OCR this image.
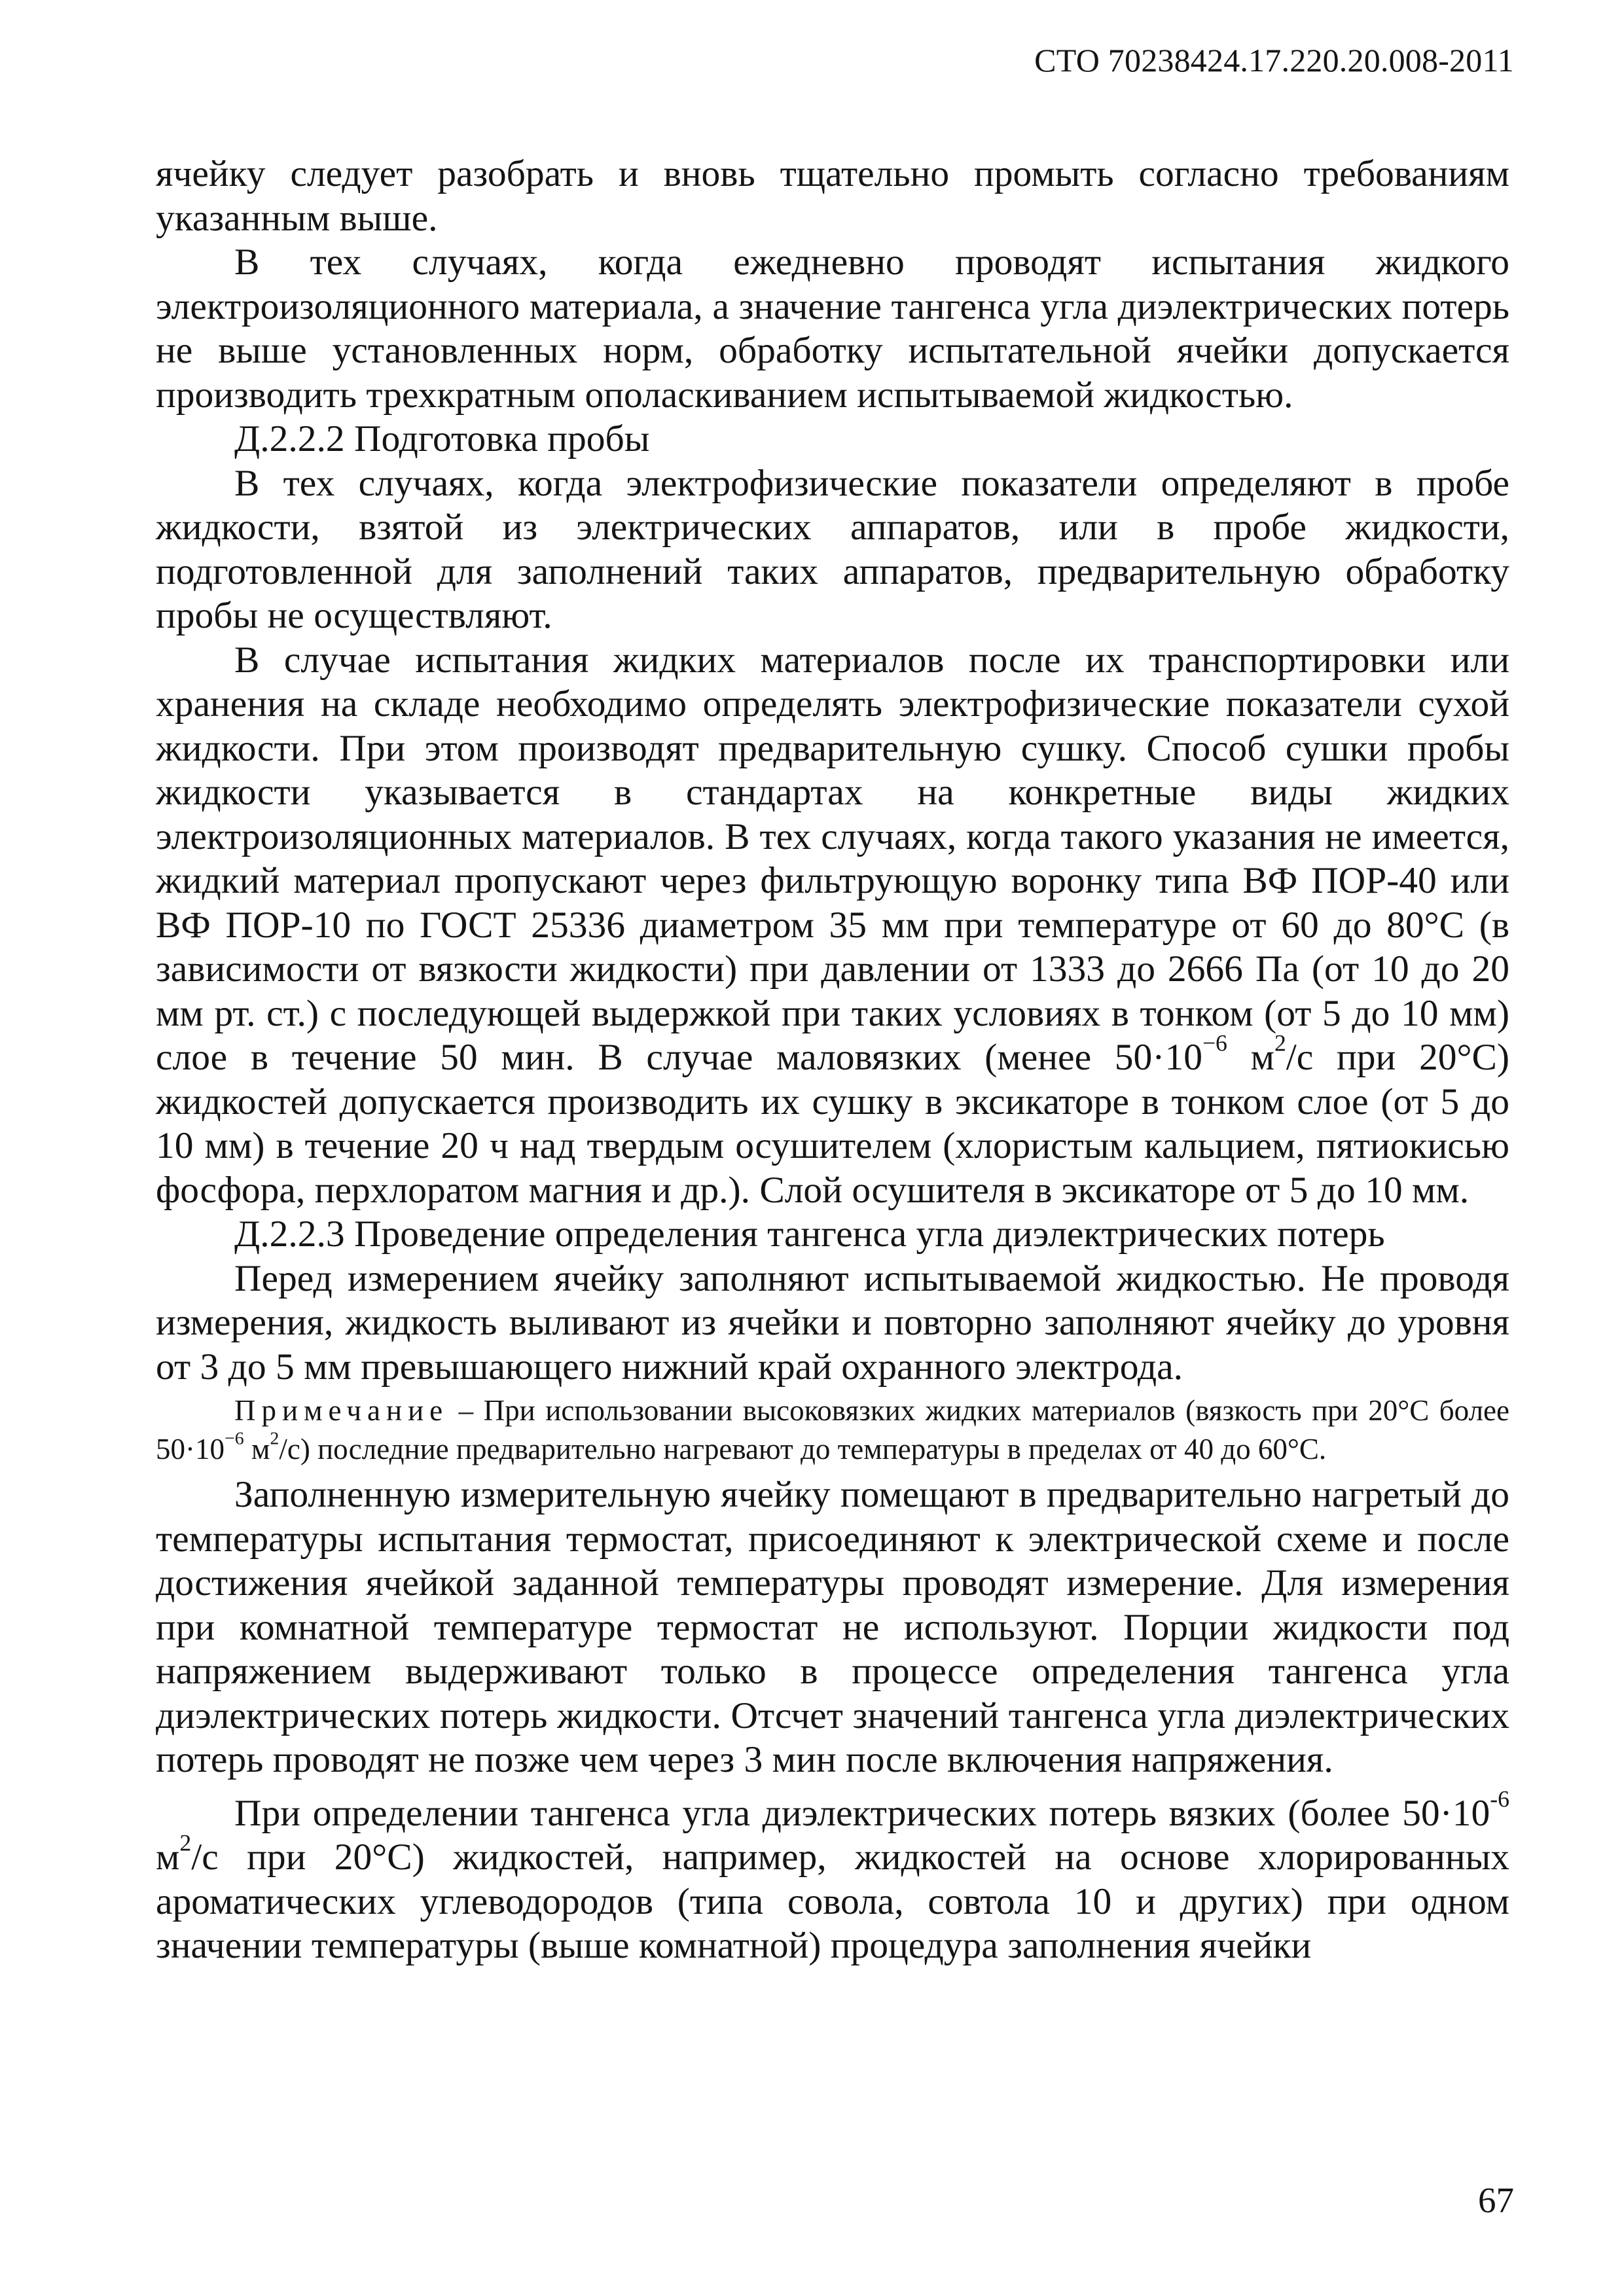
СТО 70238424.17.220.20.008-2011

ячейку следует разобрать и вновь тщательно промыть согласно требованиям указанным выше.

В тех случаях, когда ежедневно проводят испытания жидкого электроизоляционного материала, а значение тангенса угла диэлектрических потерь не выше установленных норм, обработку испытательной ячейки допускается производить трехкратным ополаскиванием испытываемой жидкостью.

Д.2.2.2 Подготовка пробы

В тех случаях, когда электрофизические показатели определяют в пробе жидкости, взятой из электрических аппаратов, или в пробе жидкости, подготовленной для заполнений таких аппаратов, предварительную обработку пробы не осуществляют.

В случае испытания жидких материалов после их транспортировки или хранения на складе необходимо определять электрофизические показатели сухой жидкости. При этом производят предварительную сушку. Способ сушки пробы жидкости указывается в стандартах на конкретные виды жидких электроизоляционных материалов. В тех случаях, когда такого указания не имеется, жидкий материал пропускают через фильтрующую воронку типа ВФ ПОР-40 или ВФ ПОР-10 по ГОСТ 25336 диаметром 35 мм при температуре от 60 до 80°С (в зависимости от вязкости жидкости) при давлении от 1333 до 2666 Па (от 10 до 20 мм рт. ст.) с последующей выдержкой при таких условиях в тонком (от 5 до 10 мм) слое в течение 50 мин. В случае маловязких (менее $50\cdot 10^{-6}$ $м^2/с$ при 20°С) жидкостей допускается производить их сушку в эксикаторе в тонком слое (от 5 до 10 мм) в течение 20 ч над твердым осушителем (хлористым кальцием, пятиокисью фосфора, перхлоратом магния и др.). Слой осушителя в эксикаторе от 5 до 10 мм.

Д.2.2.3 Проведение определения тангенса угла диэлектрических потерь

Перед измерением ячейку заполняют испытываемой жидкостью. Не проводя измерения, жидкость выливают из ячейки и повторно заполняют ячейку до уровня от 3 до 5 мм превышающего нижний край охранного электрода.

Примечание – При использовании высоковязких жидких материалов (вязкость при 20°С более $50\cdot 10^{-6}$ $м^2/с$) последние предварительно нагревают до температуры в пределах от 40 до 60°С.

Заполненную измерительную ячейку помещают в предварительно нагретый до температуры испытания термостат, присоединяют к электрической схеме и после достижения ячейкой заданной температуры проводят измерение. Для измерения при комнатной температуре термостат не используют. Порции жидкости под напряжением выдерживают только в процессе определения тангенса угла диэлектрических потерь жидкости. Отсчет значений тангенса угла диэлектрических потерь проводят не позже чем через 3 мин после включения напряжения.

При определении тангенса угла диэлектрических потерь вязких (более $50\cdot 10^{-6}$ $м^2/с$ при 20°С) жидкостей, например, жидкостей на основе хлорированных ароматических углеводородов (типа совола, совтола 10 и других) при одном значении температуры (выше комнатной) процедура заполнения ячейки

67
